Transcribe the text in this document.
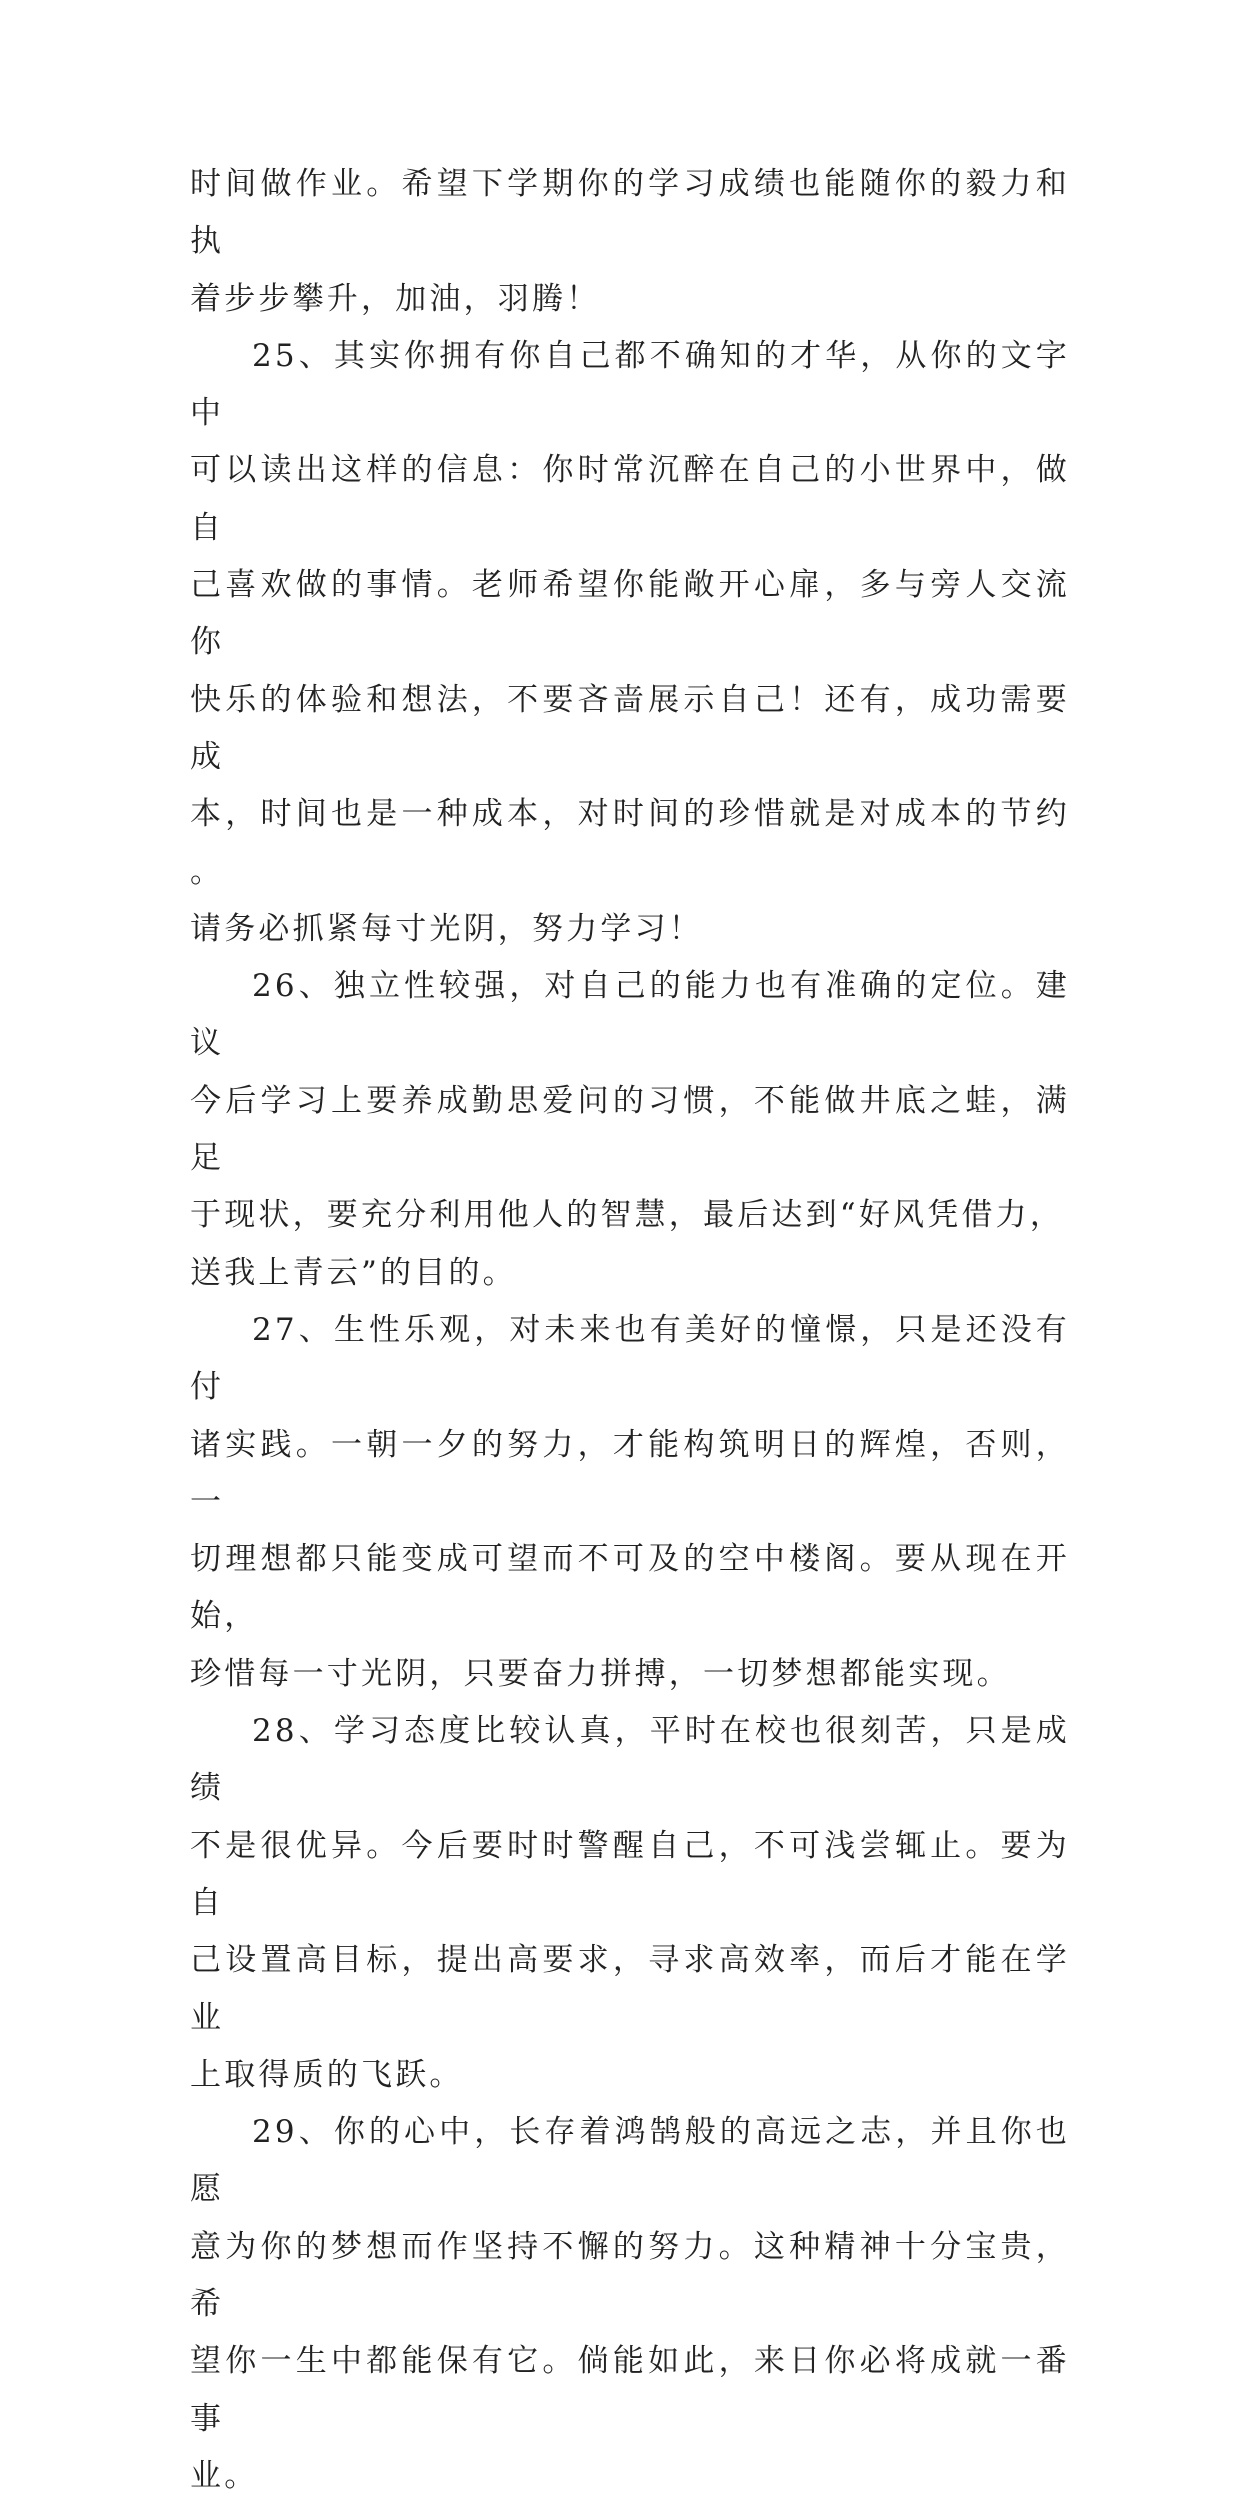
时间做作业。希望下学期你的学习成绩也能随你的毅力和执
着步步攀升，加油，羽腾！

25、其实你拥有你自己都不确知的才华，从你的文字中
可以读出这样的信息：你时常沉醉在自己的小世界中，做自
己喜欢做的事情。老师希望你能敞开心扉，多与旁人交流你
快乐的体验和想法，不要吝啬展示自己！还有，成功需要成
本，时间也是一种成本，对时间的珍惜就是对成本的节约。
请务必抓紧每寸光阴，努力学习！

26、独立性较强，对自己的能力也有准确的定位。建议
今后学习上要养成勤思爱问的习惯，不能做井底之蛙，满足
于现状，要充分利用他人的智慧，最后达到“好风凭借力，
送我上青云”的目的。

27、生性乐观，对未来也有美好的憧憬，只是还没有付
诸实践。一朝一夕的努力，才能构筑明日的辉煌，否则，一
切理想都只能变成可望而不可及的空中楼阁。要从现在开始，
珍惜每一寸光阴，只要奋力拼搏，一切梦想都能实现。

28、学习态度比较认真，平时在校也很刻苦，只是成绩
不是很优异。今后要时时警醒自己，不可浅尝辄止。要为自
己设置高目标，提出高要求，寻求高效率，而后才能在学业
上取得质的飞跃。

29、你的心中，长存着鸿鹄般的高远之志，并且你也愿
意为你的梦想而作坚持不懈的努力。这种精神十分宝贵，希
望你一生中都能保有它。倘能如此，来日你必将成就一番事
业。
